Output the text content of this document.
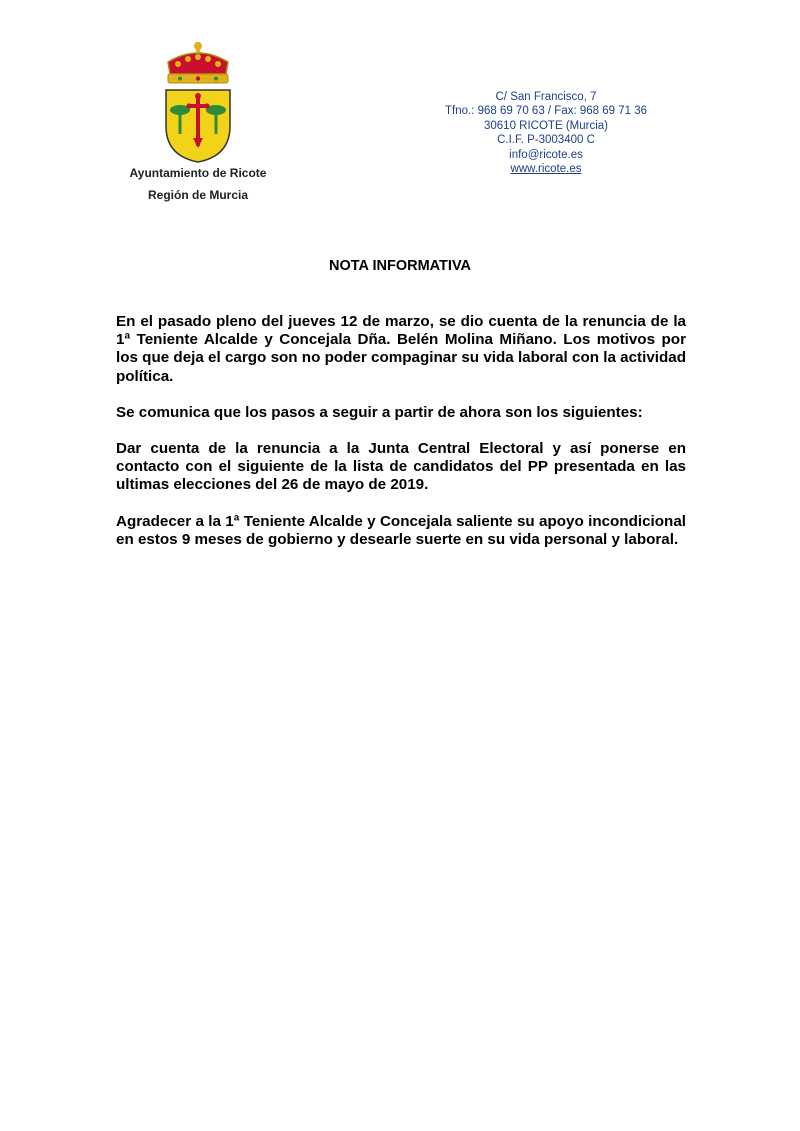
Ayuntamiento de Ricote
Región de Murcia
C/ San Francisco, 7
Tfno.: 968 69 70 63 / Fax: 968 69 71 36
30610 RICOTE (Murcia)
C.I.F. P-3003400 C
info@ricote.es
www.ricote.es
NOTA INFORMATIVA

En el pasado pleno del jueves 12 de marzo, se dio cuenta de la renuncia de la 1ª Teniente Alcalde y Concejala Dña. Belén Molina Miñano. Los motivos por los que deja el cargo son no poder compaginar su vida laboral con la actividad política.

Se comunica que los pasos a seguir a partir de ahora son los siguientes:

Dar cuenta de la renuncia a la Junta Central Electoral y así ponerse en contacto con el siguiente de la lista de candidatos del PP presentada en las ultimas elecciones del 26 de mayo de 2019.

Agradecer a la 1ª Teniente Alcalde y Concejala saliente su apoyo incondicional en estos 9 meses de gobierno y desearle suerte en su vida personal y laboral.
